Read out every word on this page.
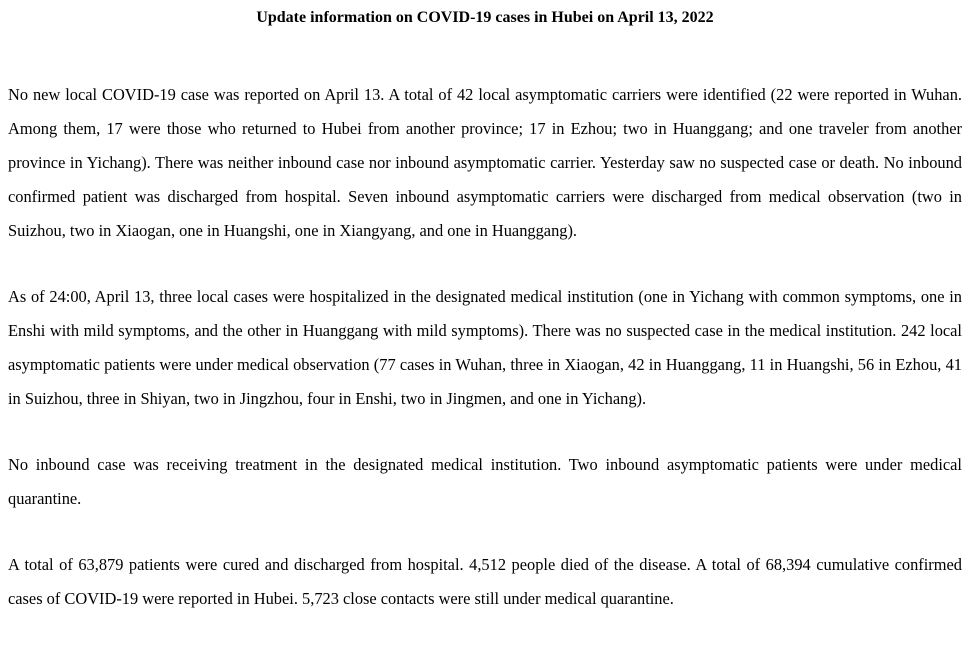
Update information on COVID-19 cases in Hubei on April 13, 2022

No new local COVID-19 case was reported on April 13. A total of 42 local asymptomatic carriers were identified (22 were reported in Wuhan. Among them, 17 were those who returned to Hubei from another province; 17 in Ezhou; two in Huanggang; and one traveler from another province in Yichang). There was neither inbound case nor inbound asymptomatic carrier. Yesterday saw no suspected case or death. No inbound confirmed patient was discharged from hospital. Seven inbound asymptomatic carriers were discharged from medical observation (two in Suizhou, two in Xiaogan, one in Huangshi, one in Xiangyang, and one in Huanggang).

As of 24:00, April 13, three local cases were hospitalized in the designated medical institution (one in Yichang with common symptoms, one in Enshi with mild symptoms, and the other in Huanggang with mild symptoms). There was no suspected case in the medical institution. 242 local asymptomatic patients were under medical observation (77 cases in Wuhan, three in Xiaogan, 42 in Huanggang, 11 in Huangshi, 56 in Ezhou, 41 in Suizhou, three in Shiyan, two in Jingzhou, four in Enshi, two in Jingmen, and one in Yichang).

No inbound case was receiving treatment in the designated medical institution. Two inbound asymptomatic patients were under medical quarantine.

A total of 63,879 patients were cured and discharged from hospital. 4,512 people died of the disease. A total of 68,394 cumulative confirmed cases of COVID-19 were reported in Hubei. 5,723 close contacts were still under medical quarantine.
